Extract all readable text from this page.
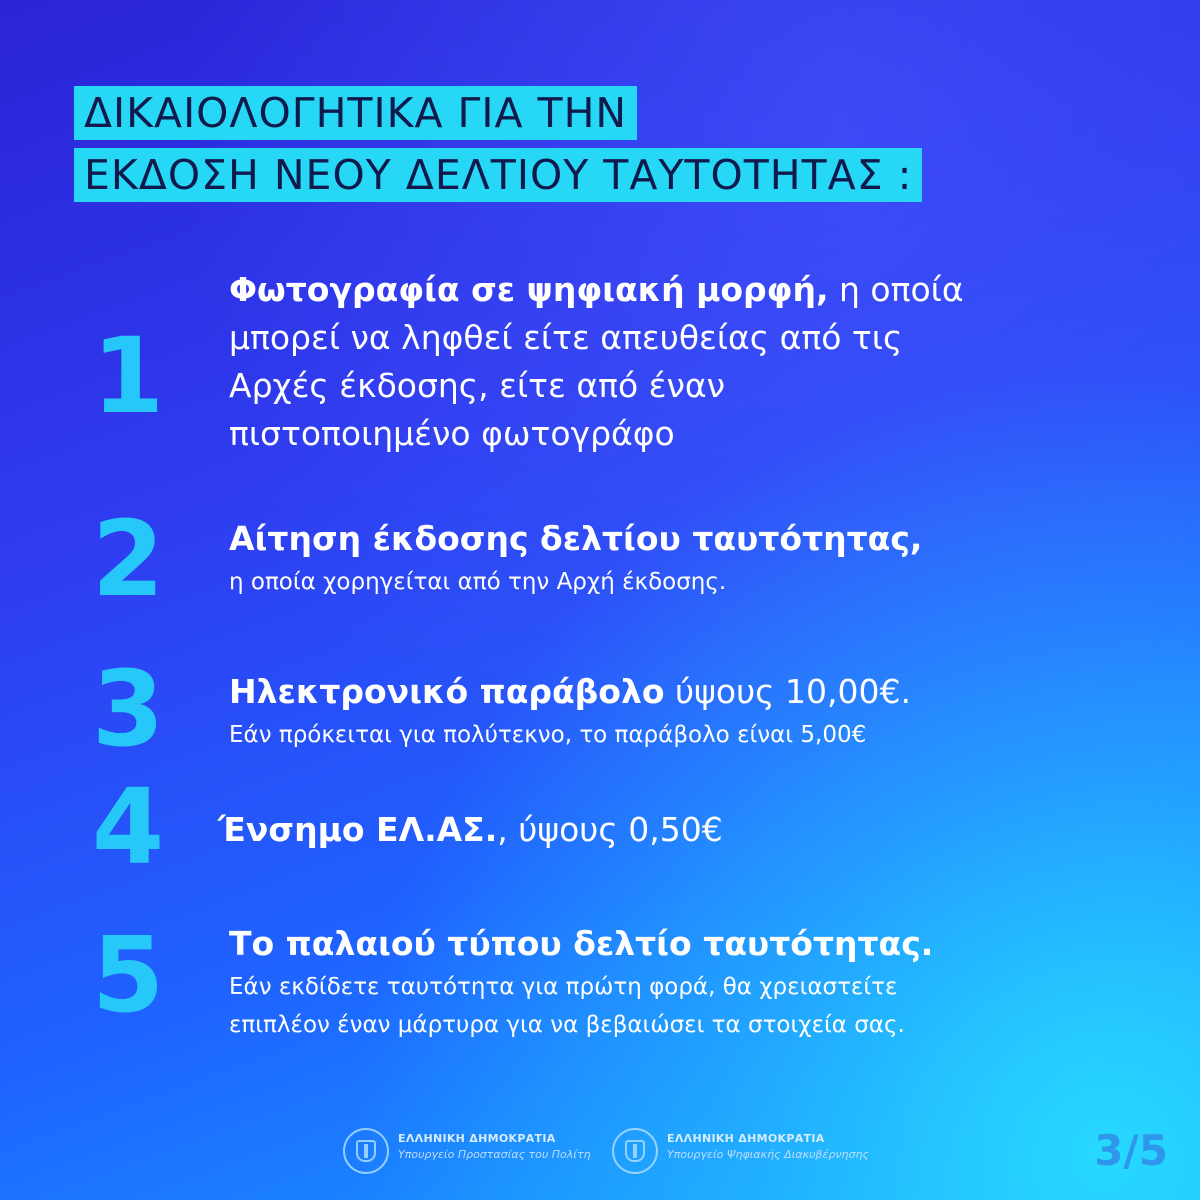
ΔΙΚΑΙΟΛΟΓΗΤΙΚΑ ΓΙΑ ΤΗΝ
ΕΚΔΟΣΗ ΝΕΟΥ ΔΕΛΤΙΟΥ ΤΑΥΤΟΤΗΤΑΣ :
1
Φωτογραφία σε ψηφιακή μορφή, η οποία
μπορεί να ληφθεί είτε απευθείας από τις
Αρχές έκδοσης, είτε από έναν
πιστοποιημένο φωτογράφο
2 Αίτηση έκδοσης δελτίου ταυτότητας,
η οποία χορηγείται από την Αρχή έκδοσης.
3 Ηλεκτρονικό παράβολο ύψους 10,00€.
Εάν πρόκειται για πολύτεκνο, το παράβολο είναι 5,00€
4 Ένσημο ΕΛ.ΑΣ., ύψους 0,50€
5 Το παλαιού τύπου δελτίο ταυτότητας.
Εάν εκδίδετε ταυτότητα για πρώτη φορά, θα χρειαστείτε
επιπλέον έναν μάρτυρα για να βεβαιώσει τα στοιχεία σας.
ΕΛΛΗΝΙΚΗ ΔΗΜΟΚΡΑΤΙΑ
Υπουργείο Προστασίας του Πολίτη
ΕΛΛΗΝΙΚΗ ΔΗΜΟΚΡΑΤΙΑ
Υπουργείο Ψηφιακής Διακυβέρνησης	3/5
